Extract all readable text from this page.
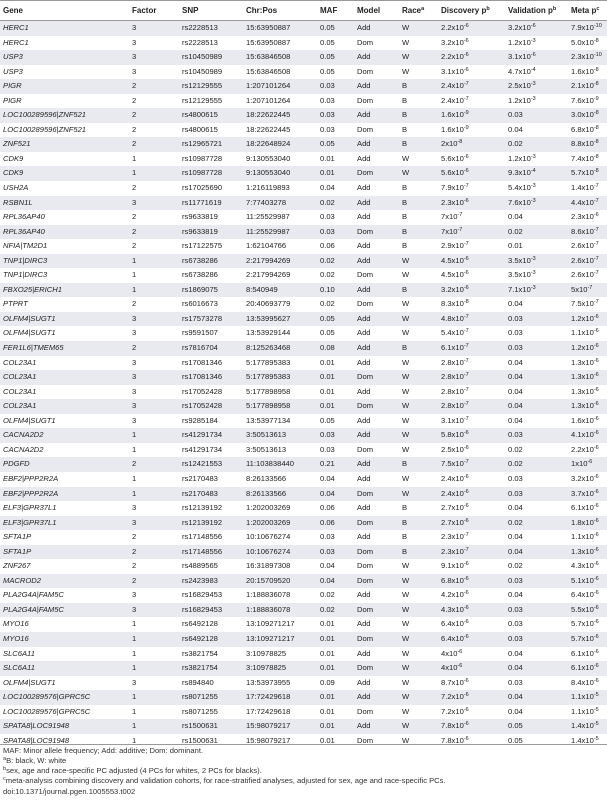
Gene	Factor	SNP	Chr:Pos	MAF	Model	Race$^a$	Discovery $p^b$	Validation $p^b$	Meta $p^c$
HERC1	3	rs2228513	15:63950887	0.05	Add	W	$2.2x10^{-6}$	$3.2x10^{-6}$	$7.9x10^{-10}$
HERC1	3	rs2228513	15:63950887	0.05	Dom	W	$3.2x10^{-6}$	$1.2x10^{-3}$	$5.0x10^{-8}$
USP3	3	rs10450989	15:63846508	0.05	Add	W	$2.2x10^{-6}$	$3.1x10^{-6}$	$2.3x10^{-10}$
USP3	3	rs10450989	15:63846508	0.05	Dom	W	$3.1x10^{-6}$	$4.7x10^{-4}$	$1.6x10^{-8}$
PIGR	2	rs12129555	1:207101264	0.03	Add	B	$2.4x10^{-7}$	$2.5x10^{-3}$	$2.1x10^{-8}$
PIGR	2	rs12129555	1:207101264	0.03	Dom	B	$2.4x10^{-7}$	$1.2x10^{-3}$	$7.6x10^{-9}$
LOC100289596|ZNF521	2	rs4800615	18:22622445	0.03	Add	B	$1.6x10^{-9}$	0.03	$3.0x10^{-8}$
LOC100289596|ZNF521	2	rs4800615	18:22622445	0.03	Dom	B	$1.6x10^{-9}$	0.04	$6.8x10^{-8}$
ZNF521	2	rs12965721	18:22648924	0.05	Add	B	$2x10^{-8}$	0.02	$8.8x10^{-8}$
CDK9	1	rs10987728	9:130553040	0.01	Add	W	$5.6x10^{-6}$	$1.2x10^{-3}$	$7.4x10^{-8}$
CDK9	1	rs10987728	9:130553040	0.01	Dom	W	$5.6x10^{-6}$	$9.3x10^{-4}$	$5.7x10^{-8}$
USH2A	2	rs17025690	1:216119893	0.04	Add	B	$7.9x10^{-7}$	$5.4x10^{-3}$	$1.4x10^{-7}$
RSBN1L	3	rs11771619	7:77403278	0.02	Add	B	$2.3x10^{-6}$	$7.6x10^{-3}$	$4.4x10^{-7}$
RPL36AP40	2	rs9633819	11:25529987	0.03	Add	B	$7x10^{-7}$	0.04	$2.3x10^{-6}$
RPL36AP40	2	rs9633819	11:25529987	0.03	Dom	B	$7x10^{-7}$	0.02	$8.6x10^{-7}$
NFIA|TM2D1	2	rs17122575	1:62104766	0.06	Add	B	$2.9x10^{-7}$	0.01	$2.6x10^{-7}$
TNP1|DIRC3	1	rs6738286	2:217994269	0.02	Add	W	$4.5x10^{-6}$	$3.5x10^{-3}$	$2.6x10^{-7}$
TNP1|DIRC3	1	rs6738286	2:217994269	0.02	Dom	W	$4.5x10^{-6}$	$3.5x10^{-3}$	$2.6x10^{-7}$
FBXO25|ERICH1	1	rs1869075	8:540949	0.10	Add	B	$3.2x10^{-6}$	$7.1x10^{-3}$	$5x10^{-7}$
PTPRT	2	rs6016673	20:40693779	0.02	Dom	W	$8.3x10^{-8}$	0.04	$7.5x10^{-7}$
OLFM4|SUGT1	3	rs17573278	13:53995627	0.05	Add	W	$4.8x10^{-7}$	0.03	$1.2x10^{-6}$
OLFM4|SUGT1	3	rs9591507	13:53929144	0.05	Add	W	$5.4x10^{-7}$	0.03	$1.1x10^{-6}$
FER1L6|TMEM65	2	rs7816704	8:125263468	0.08	Add	B	$6.1x10^{-7}$	0.03	$1.2x10^{-6}$
COL23A1	3	rs17081346	5:177895383	0.01	Add	W	$2.8x10^{-7}$	0.04	$1.3x10^{-6}$
COL23A1	3	rs17081346	5:177895383	0.01	Dom	W	$2.8x10^{-7}$	0.04	$1.3x10^{-6}$
COL23A1	3	rs17052428	5:177898958	0.01	Add	W	$2.8x10^{-7}$	0.04	$1.3x10^{-6}$
COL23A1	3	rs17052428	5:177898958	0.01	Dom	W	$2.8x10^{-7}$	0.04	$1.3x10^{-6}$
OLFM4|SUGT1	3	rs9285184	13:53977134	0.05	Add	W	$3.1x10^{-7}$	0.04	$1.6x10^{-6}$
CACNA2D2	1	rs41291734	3:50513613	0.03	Add	W	$5.8x10^{-6}$	0.03	$4.1x10^{-6}$
CACNA2D2	1	rs41291734	3:50513613	0.03	Dom	W	$2.5x10^{-6}$	0.02	$2.2x10^{-6}$
PDGFD	2	rs12421553	11:103838440	0.21	Add	B	$7.5x10^{-7}$	0.02	$1x10^{-6}$
EBF2|PPP2R2A	1	rs2170483	8:26133566	0.04	Add	W	$2.4x10^{-6}$	0.03	$3.2x10^{-6}$
EBF2|PPP2R2A	1	rs2170483	8:26133566	0.04	Dom	W	$2.4x10^{-6}$	0.03	$3.7x10^{-6}$
ELF3|GPR37L1	3	rs12139192	1:202003269	0.06	Add	B	$2.7x10^{-6}$	0.04	$6.1x10^{-6}$
ELF3|GPR37L1	3	rs12139192	1:202003269	0.06	Dom	B	$2.7x10^{-6}$	0.02	$1.8x10^{-6}$
SFTA1P	2	rs17148556	10:10676274	0.03	Add	B	$2.3x10^{-7}$	0.04	$1.1x10^{-6}$
SFTA1P	2	rs17148556	10:10676274	0.03	Dom	B	$2.3x10^{-7}$	0.04	$1.3x10^{-6}$
ZNF267	2	rs4889565	16:31897308	0.04	Dom	W	$9.1x10^{-6}$	0.02	$4.3x10^{-6}$
MACROD2	2	rs2423983	20:15709520	0.04	Dom	W	$6.8x10^{-6}$	0.03	$5.1x10^{-6}$
PLA2G4A|FAM5C	3	rs16829453	1:188836078	0.02	Add	W	$4.2x10^{-6}$	0.04	$6.4x10^{-6}$
PLA2G4A|FAM5C	3	rs16829453	1:188836078	0.02	Dom	W	$4.3x10^{-6}$	0.03	$5.5x10^{-6}$
MYO16	1	rs6492128	13:109271217	0.01	Add	W	$6.4x10^{-6}$	0.03	$5.7x10^{-6}$
MYO16	1	rs6492128	13:109271217	0.01	Dom	W	$6.4x10^{-6}$	0.03	$5.7x10^{-6}$
SLC6A11	1	rs3821754	3:10978825	0.01	Add	W	$4x10^{-6}$	0.04	$6.1x10^{-6}$
SLC6A11	1	rs3821754	3:10978825	0.01	Dom	W	$4x10^{-6}$	0.04	$6.1x10^{-6}$
OLFM4|SUGT1	3	rs894840	13:53973955	0.09	Add	W	$8.7x10^{-6}$	0.03	$8.4x10^{-6}$
LOC100289576|GPRC5C	1	rs8071255	17:72429618	0.01	Add	W	$7.2x10^{-6}$	0.04	$1.1x10^{-5}$
LOC100289576|GPRC5C	1	rs8071255	17:72429618	0.01	Dom	W	$7.2x10^{-6}$	0.04	$1.1x10^{-5}$
SPATA8|LOC91948	1	rs1500631	15:98079217	0.01	Add	W	$7.8x10^{-6}$	0.05	$1.4x10^{-5}$
SPATA8|LOC91948	1	rs1500631	15:98079217	0.01	Dom	W	$7.8x10^{-6}$	0.05	$1.4x10^{-5}$
MAF: Minor allele frequency; Add: additive; Dom: dominant.
$^a$B: black, W: white
$^b$sex, age and race-specific PC adjusted (4 PCs for whites, 2 PCs for blacks).
$^c$meta-analysis combining discovery and validation cohorts, for race-stratified analyses, adjusted for sex, age and race-specific PCs.
doi:10.1371/journal.pgen.1005553.t002
